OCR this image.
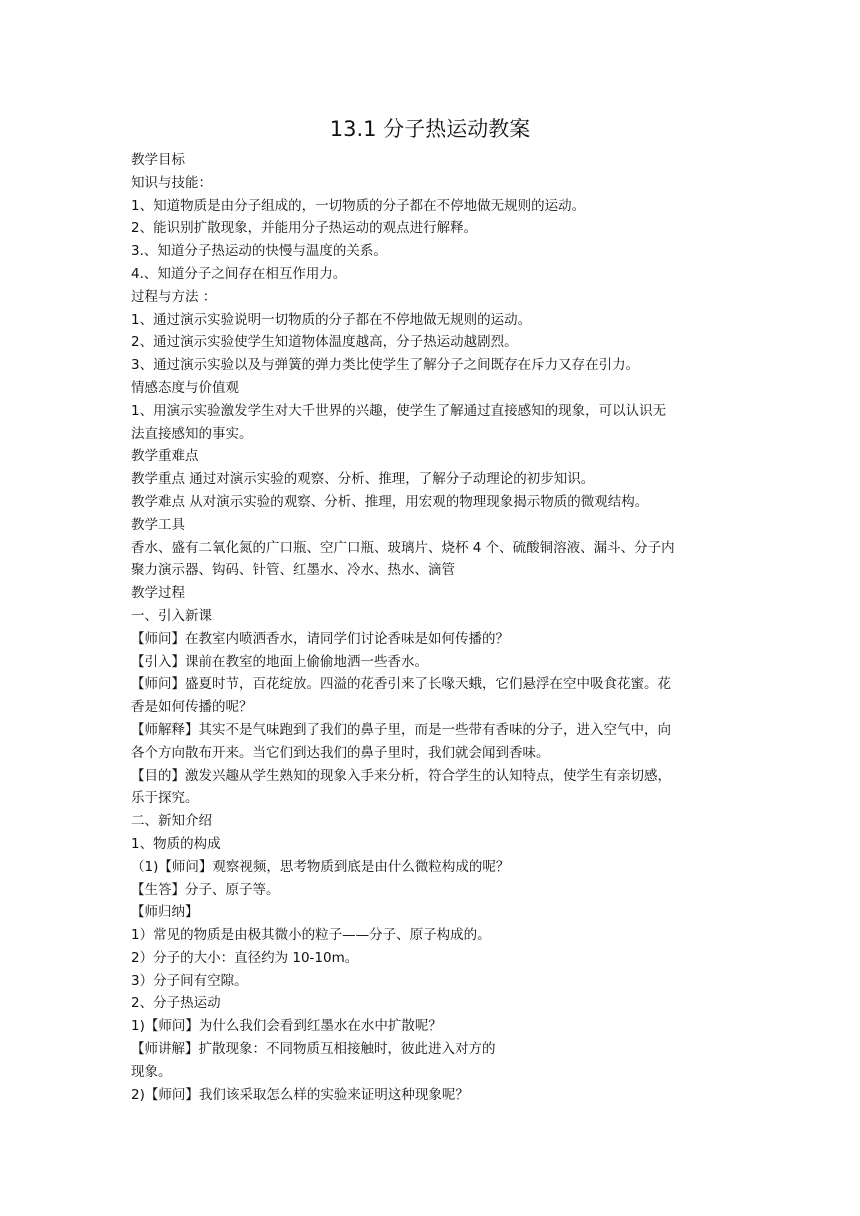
13.1 分子热运动教案
教学目标
知识与技能：
1、知道物质是由分子组成的，一切物质的分子都在不停地做无规则的运动。
2、能识别扩散现象，并能用分子热运动的观点进行解释。
3.、知道分子热运动的快慢与温度的关系。
4.、知道分子之间存在相互作用力。
过程与方法 ：
1、通过演示实验说明一切物质的分子都在不停地做无规则的运动。
2、通过演示实验使学生知道物体温度越高，分子热运动越剧烈。
3、通过演示实验以及与弹簧的弹力类比使学生了解分子之间既存在斥力又存在引力。
情感态度与价值观
1、用演示实验激发学生对大千世界的兴趣，使学生了解通过直接感知的现象，可以认识无
法直接感知的事实。
教学重难点
教学重点 通过对演示实验的观察、分析、推理，了解分子动理论的初步知识。
教学难点 从对演示实验的观察、分析、推理，用宏观的物理现象揭示物质的微观结构。
教学工具
香水、盛有二氧化氮的广口瓶、空广口瓶、玻璃片、烧杯 4 个、硫酸铜溶液、漏斗、分子内
聚力演示器、钩码、针管、红墨水、冷水、热水、滴管
教学过程
一、引入新课
【师问】在教室内喷洒香水，请同学们讨论香味是如何传播的？
【引入】课前在教室的地面上偷偷地洒一些香水。
【师问】盛夏时节，百花绽放。四溢的花香引来了长喙天蛾，它们悬浮在空中吸食花蜜。花
香是如何传播的呢？
【师解释】其实不是气味跑到了我们的鼻子里，而是一些带有香味的分子，进入空气中，向
各个方向散布开来。当它们到达我们的鼻子里时，我们就会闻到香味。
【目的】激发兴趣从学生熟知的现象入手来分析，符合学生的认知特点，使学生有亲切感，
乐于探究。
二、新知介绍
1、物质的构成
（1)【师问】观察视频，思考物质到底是由什么微粒构成的呢？
【生答】分子、原子等。
【师归纳】
1）常见的物质是由极其微小的粒子——分子、原子构成的。
2）分子的大小：直径约为 10-10m。
3）分子间有空隙。
2、分子热运动
1)【师问】为什么我们会看到红墨水在水中扩散呢？
【师讲解】扩散现象：不同物质互相接触时，彼此进入对方的
现象。
2)【师问】我们该采取怎么样的实验来证明这种现象呢？
